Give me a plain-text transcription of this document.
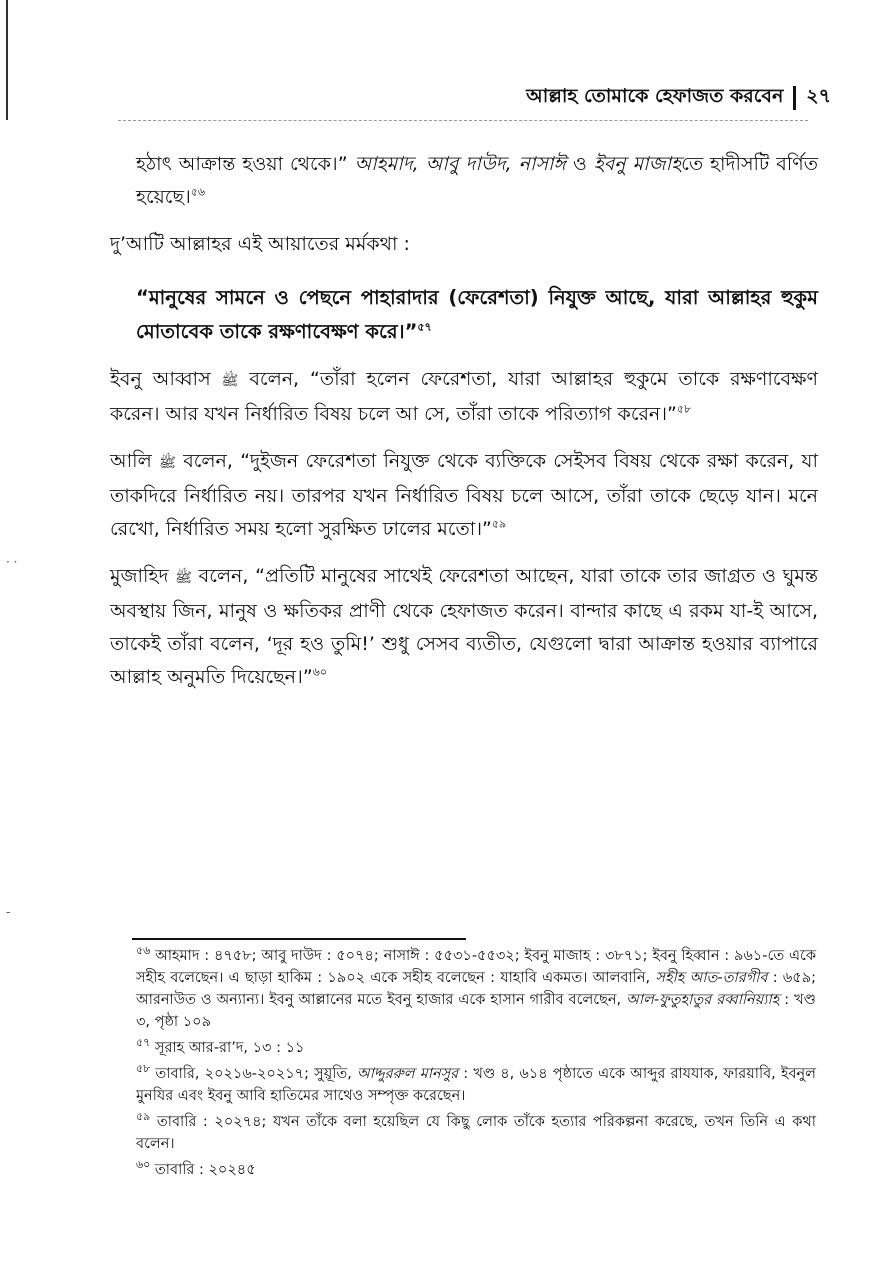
· ·
-
আল্লাহ তোমাকে হেফাজত করবেন ২৭

হঠাৎ আক্রান্ত হওয়া থেকে।” আহমাদ, আবু দাউদ, নাসাঈ ও ইবনু মাজাহতে হাদীসটি বর্ণিত হয়েছে।$^{৫৬}$

দু’আটি আল্লাহর এই আয়াতের মর্মকথা :

“মানুষের সামনে ও পেছনে পাহারাদার (ফেরেশতা) নিযুক্ত আছে, যারা আল্লাহর হুকুম মোতাবেক তাকে রক্ষণাবেক্ষণ করে।”$^{৫৭}$

ইবনু আব্বাস ﷺ বলেন, “তাঁরা হলেন ফেরেশতা, যারা আল্লাহর হুকুমে তাকে রক্ষণাবেক্ষণ করেন। আর যখন নির্ধারিত বিষয় চলে আ সে, তাঁরা তাকে পরিত্যাগ করেন।”$^{৫৮}$

আলি ﷺ বলেন, “দুইজন ফেরেশতা নিযুক্ত থেকে ব্যক্তিকে সেইসব বিষয় থেকে রক্ষা করেন, যা তাকদিরে নির্ধারিত নয়। তারপর যখন নির্ধারিত বিষয় চলে আসে, তাঁরা তাকে ছেড়ে যান। মনে রেখো, নির্ধারিত সময় হলো সুরক্ষিত ঢালের মতো।”$^{৫৯}$

মুজাহিদ ﷺ বলেন, “প্রতিটি মানুষের সাথেই ফেরেশতা আছেন, যারা তাকে তার জাগ্রত ও ঘুমন্ত অবস্থায় জিন, মানুষ ও ক্ষতিকর প্রাণী থেকে হেফাজত করেন। বান্দার কাছে এ রকম যা-ই আসে, তাকেই তাঁরা বলেন, ‘দূর হও তুমি!’ শুধু সেসব ব্যতীত, যেগুলো দ্বারা আক্রান্ত হওয়ার ব্যাপারে আল্লাহ অনুমতি দিয়েছেন।”$^{৬০}$

$^{৫৬}$ আহমাদ : ৪৭৫৮; আবু দাউদ : ৫০৭৪; নাসাঈ : ৫৫৩১-৫৫৩২; ইবনু মাজাহ : ৩৮৭১; ইবনু হিব্বান : ৯৬১-তে একে সহীহ বলেছেন। এ ছাড়া হাকিম : ১৯০২ একে সহীহ বলেছেন : যাহাবি একমত। আলবানি, সহীহ আত-তারগীব : ৬৫৯; আরনাউত ও অন্যান্য। ইবনু আল্লানের মতে ইবনু হাজার একে হাসান গারীব বলেছেন, আল-ফুতুহাতুর রব্বানিয়্যাহ : খণ্ড ৩, পৃষ্ঠা ১০৯

$^{৫৭}$ সূরাহ আর-রা’দ, ১৩ : ১১

$^{৫৮}$ তাবারি, ২০২১৬-২০২১৭; সুয়ূতি, আদ্দুররুল মানসুর : খণ্ড ৪, ৬১৪ পৃষ্ঠাতে একে আব্দুর রাযযাক, ফারয়াবি, ইবনুল মুনযির এবং ইবনু আবি হাতিমের সাথেও সম্পৃক্ত করেছেন।

$^{৫৯}$ তাবারি : ২০২৭৪; যখন তাঁকে বলা হয়েছিল যে কিছু লোক তাঁকে হত্যার পরিকল্পনা করেছে, তখন তিনি এ কথা বলেন।

$^{৬০}$ তাবারি : ২০২৪৫
